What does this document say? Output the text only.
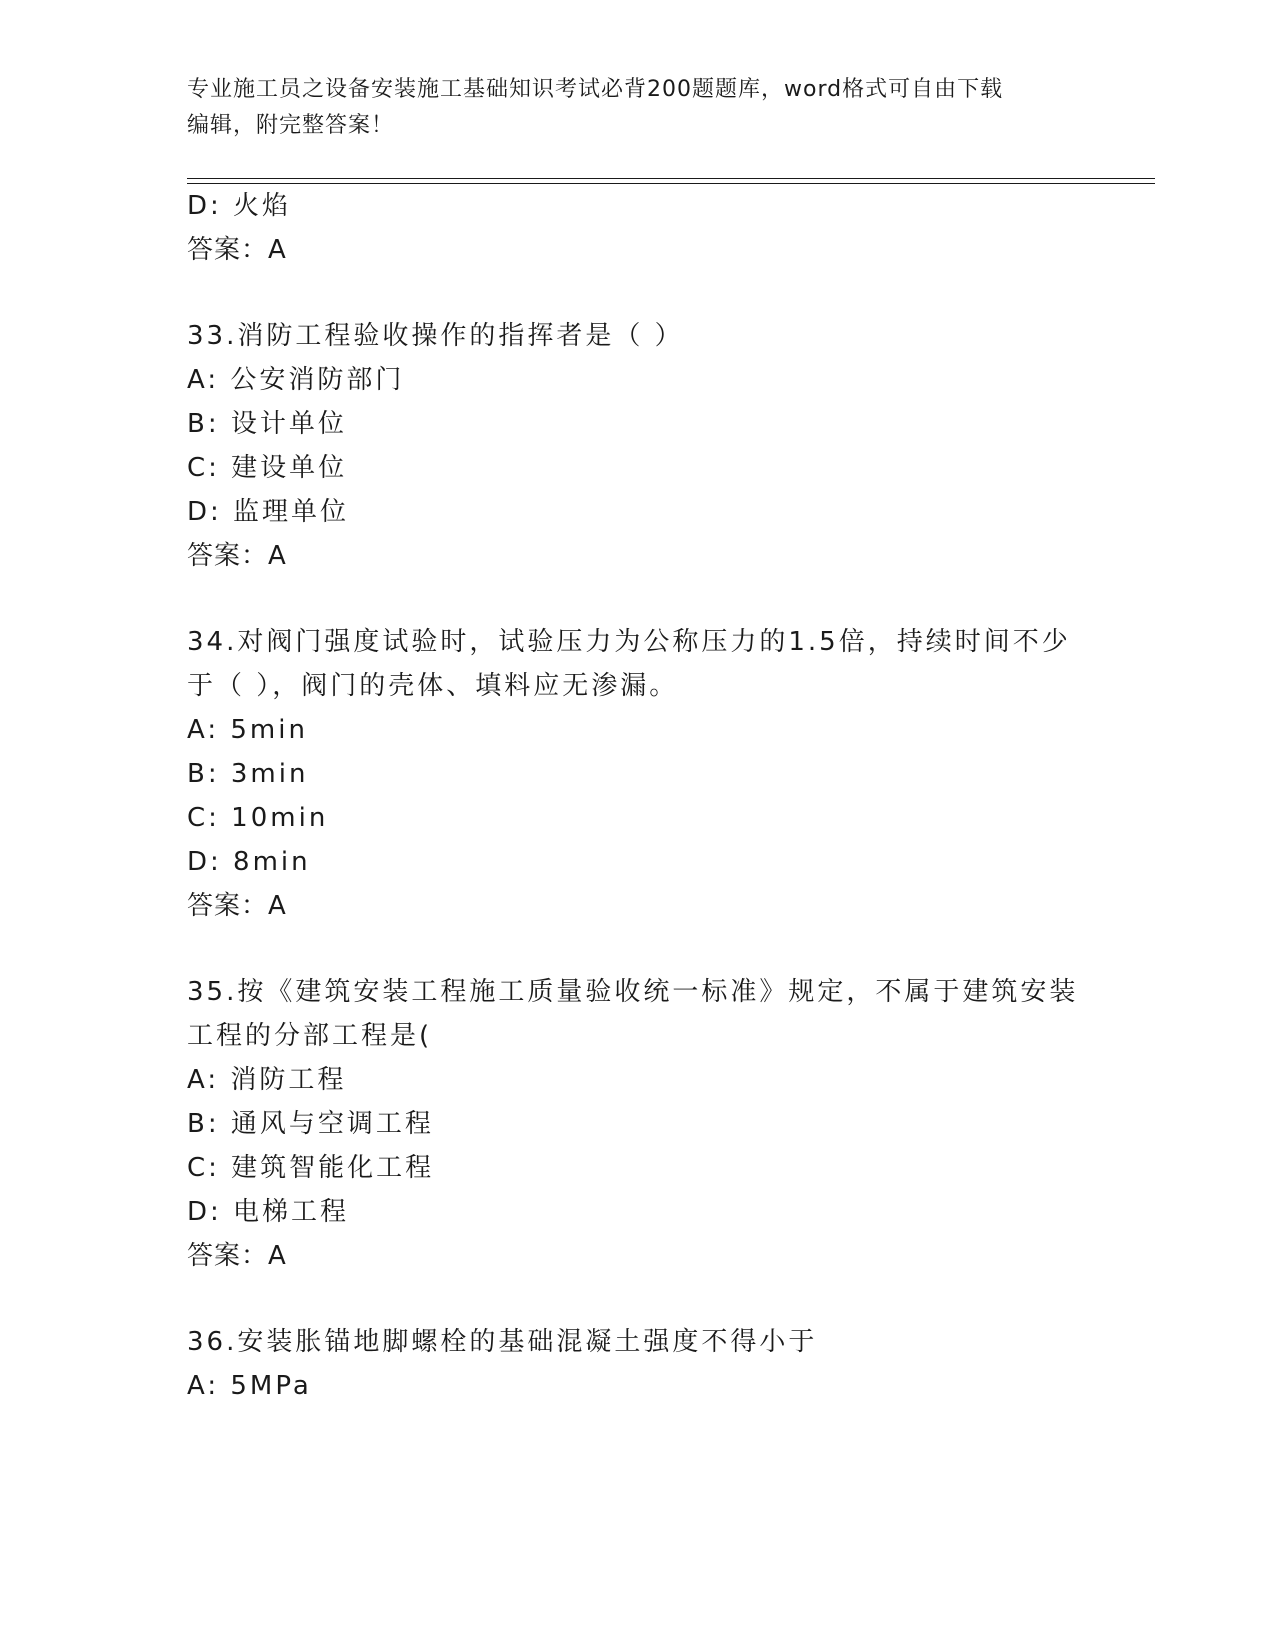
专业施工员之设备安装施工基础知识考试必背200题题库，word格式可自由下载
编辑，附完整答案！
D: 火焰
答案：A
33.消防工程验收操作的指挥者是（ ）
A: 公安消防部门
B: 设计单位
C: 建设单位
D: 监理单位
答案：A
34.对阀门强度试验时，试验压力为公称压力的1.5倍，持续时间不少
于（ ），阀门的壳体、填料应无渗漏。
A: 5min
B: 3min
C: 10min
D: 8min
答案：A
35.按《建筑安装工程施工质量验收统一标准》规定，不属于建筑安装
工程的分部工程是(
A: 消防工程
B: 通风与空调工程
C: 建筑智能化工程
D: 电梯工程
答案：A
36.安装胀锚地脚螺栓的基础混凝土强度不得小于
A: 5MPa
